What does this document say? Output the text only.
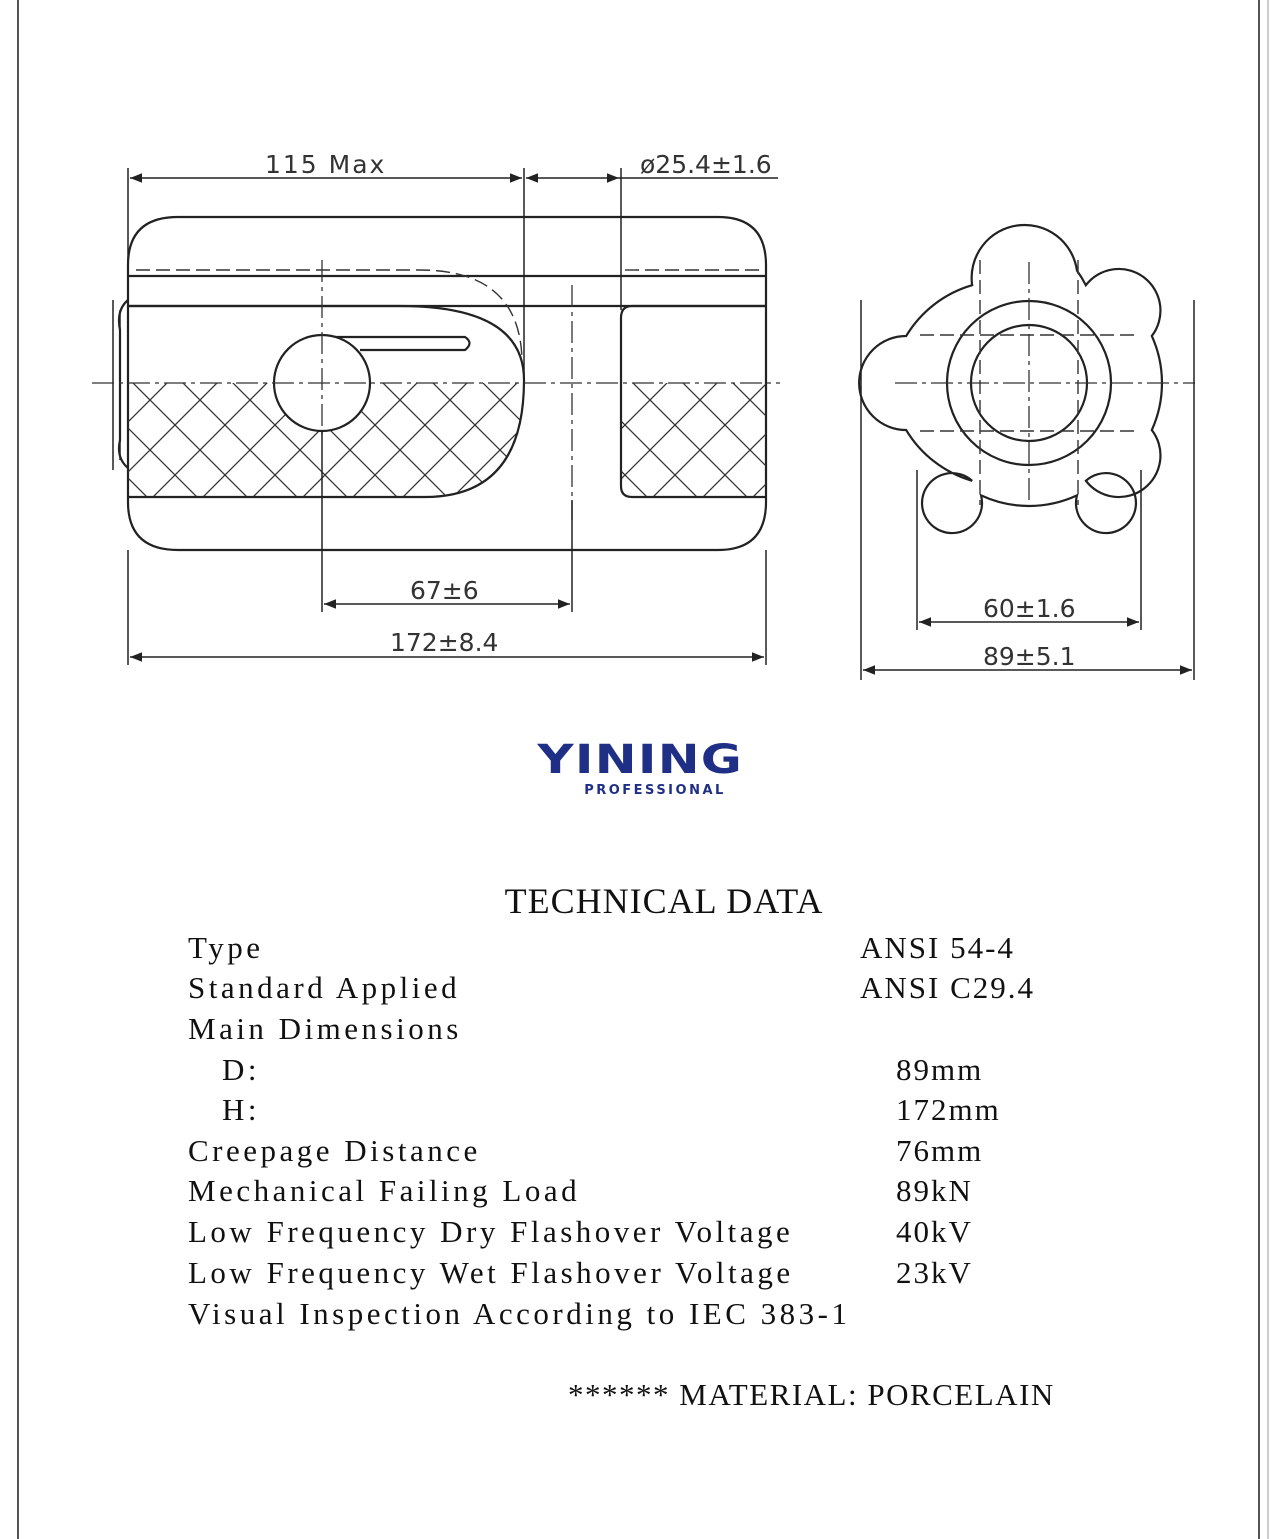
115 Max	ø25.4±1.6
67±6
172±8.4
60±1.6
89±5.1
YINING
PROFESSIONAL
TECHNICAL DATA
Type	ANSI 54-4
Standard Applied	ANSI C29.4
Main Dimensions
D:	89mm
H:	172mm
Creepage Distance	76mm
Mechanical Failing Load	89kN
Low Frequency Dry Flashover Voltage	40kV
Low Frequency Wet Flashover Voltage	23kV
Visual Inspection According to IEC 383-1
****** MATERIAL: PORCELAIN
